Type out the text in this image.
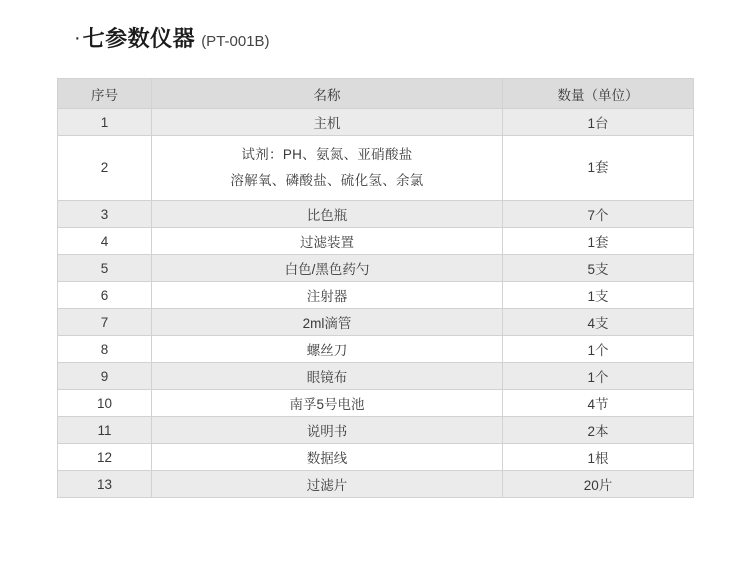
· 七参数仪器 (PT-001B)
序号	名称	数量（单位）
1	主机	1台
2	试剂：PH、氨氮、亚硝酸盐
溶解氧、磷酸盐、硫化氢、余氯	1套
3	比色瓶	7个
4	过滤装置	1套
5	白色/黑色药勺	5支
6	注射器	1支
7	2ml滴管	4支
8	螺丝刀	1个
9	眼镜布	1个
10	南孚5号电池	4节
11	说明书	2本
12	数据线	1根
13	过滤片	20片
